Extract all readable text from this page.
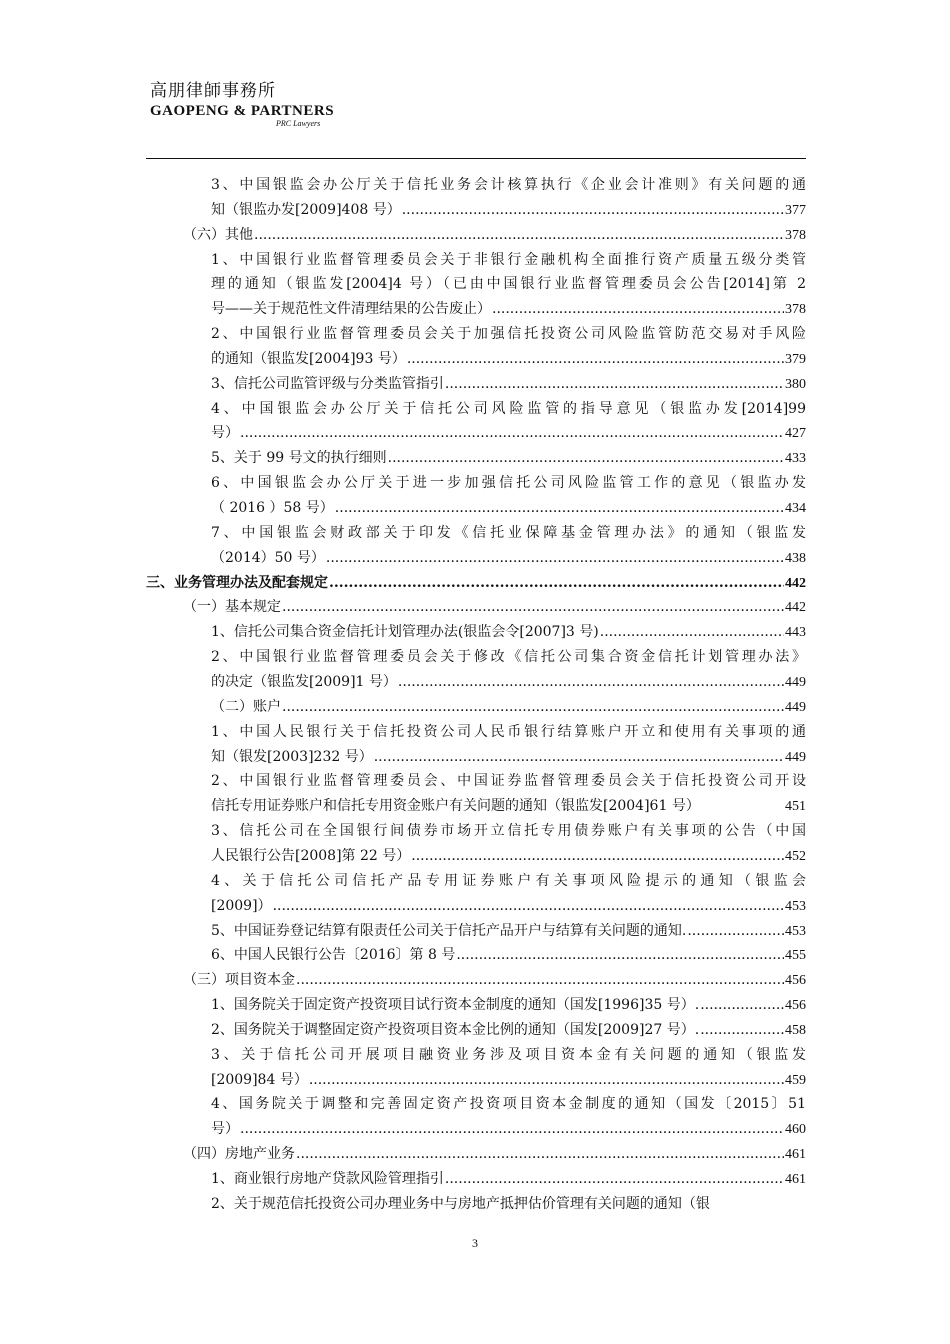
高朋律師事務所
GAOPENG & PARTNERS
PRC Lawyers
3、中国银监会办公厅关于信托业务会计核算执行《企业会计准则》有关问题的通
知（银监办发[2009]408 号） .....	377
（六）其他 .....	378
1、中国银行业监督管理委员会关于非银行金融机构全面推行资产质量五级分类管
理的通知（银监发[2004]4 号）（已由中国银行业监督管理委员会公告[2014]第 2
号——关于规范性文件清理结果的公告废止） .....	378
2、中国银行业监督管理委员会关于加强信托投资公司风险监管防范交易对手风险
的通知（银监发[2004]93 号） .....	379
3、信托公司监管评级与分类监管指引 .....	380
4、中国银监会办公厅关于信托公司风险监管的指导意见（银监办发[2014]99
号） .....	427
5、关于 99 号文的执行细则 .....	433
6、中国银监会办公厅关于进一步加强信托公司风险监管工作的意见（银监办发
（ 2016 ）58 号） .....	434
7、中国银监会财政部关于印发《信托业保障基金管理办法》的通知（银监发
（2014）50 号） .....	438
三、业务管理办法及配套规定 .....	442
（一）基本规定 .....	442
1、信托公司集合资金信托计划管理办法(银监会令[2007]3 号) .....	443
2、中国银行业监督管理委员会关于修改《信托公司集合资金信托计划管理办法》
的决定（银监发[2009]1 号） .....	449
（二）账户 .....	449
1、中国人民银行关于信托投资公司人民币银行结算账户开立和使用有关事项的通
知（银发[2003]232 号） .....	449
2、中国银行业监督管理委员会、中国证券监督管理委员会关于信托投资公司开设
信托专用证券账户和信托专用资金账户有关问题的通知（银监发[2004]61 号）	451
3、信托公司在全国银行间债券市场开立信托专用债券账户有关事项的公告（中国
人民银行公告[2008]第 22 号） .....	452
4、关于信托公司信托产品专用证券账户有关事项风险提示的通知（银监会
[2009]） .....	453
5、中国证券登记结算有限责任公司关于信托产品开户与结算有关问题的通知. .....	453
6、中国人民银行公告〔2016〕第 8 号 .....	455
（三）项目资本金 .....	456
1、国务院关于固定资产投资项目试行资本金制度的通知（国发[1996]35 号）. .....	456
2、国务院关于调整固定资产投资项目资本金比例的通知（国发[2009]27 号）. .....	458
3、关于信托公司开展项目融资业务涉及项目资本金有关问题的通知（银监发
[2009]84 号） .....	459
4、国务院关于调整和完善固定资产投资项目资本金制度的通知（国发〔2015〕51
号） .....	460
（四）房地产业务 .....	461
1、商业银行房地产贷款风险管理指引 .....	461
2、关于规范信托投资公司办理业务中与房地产抵押估价管理有关问题的通知（银
3
